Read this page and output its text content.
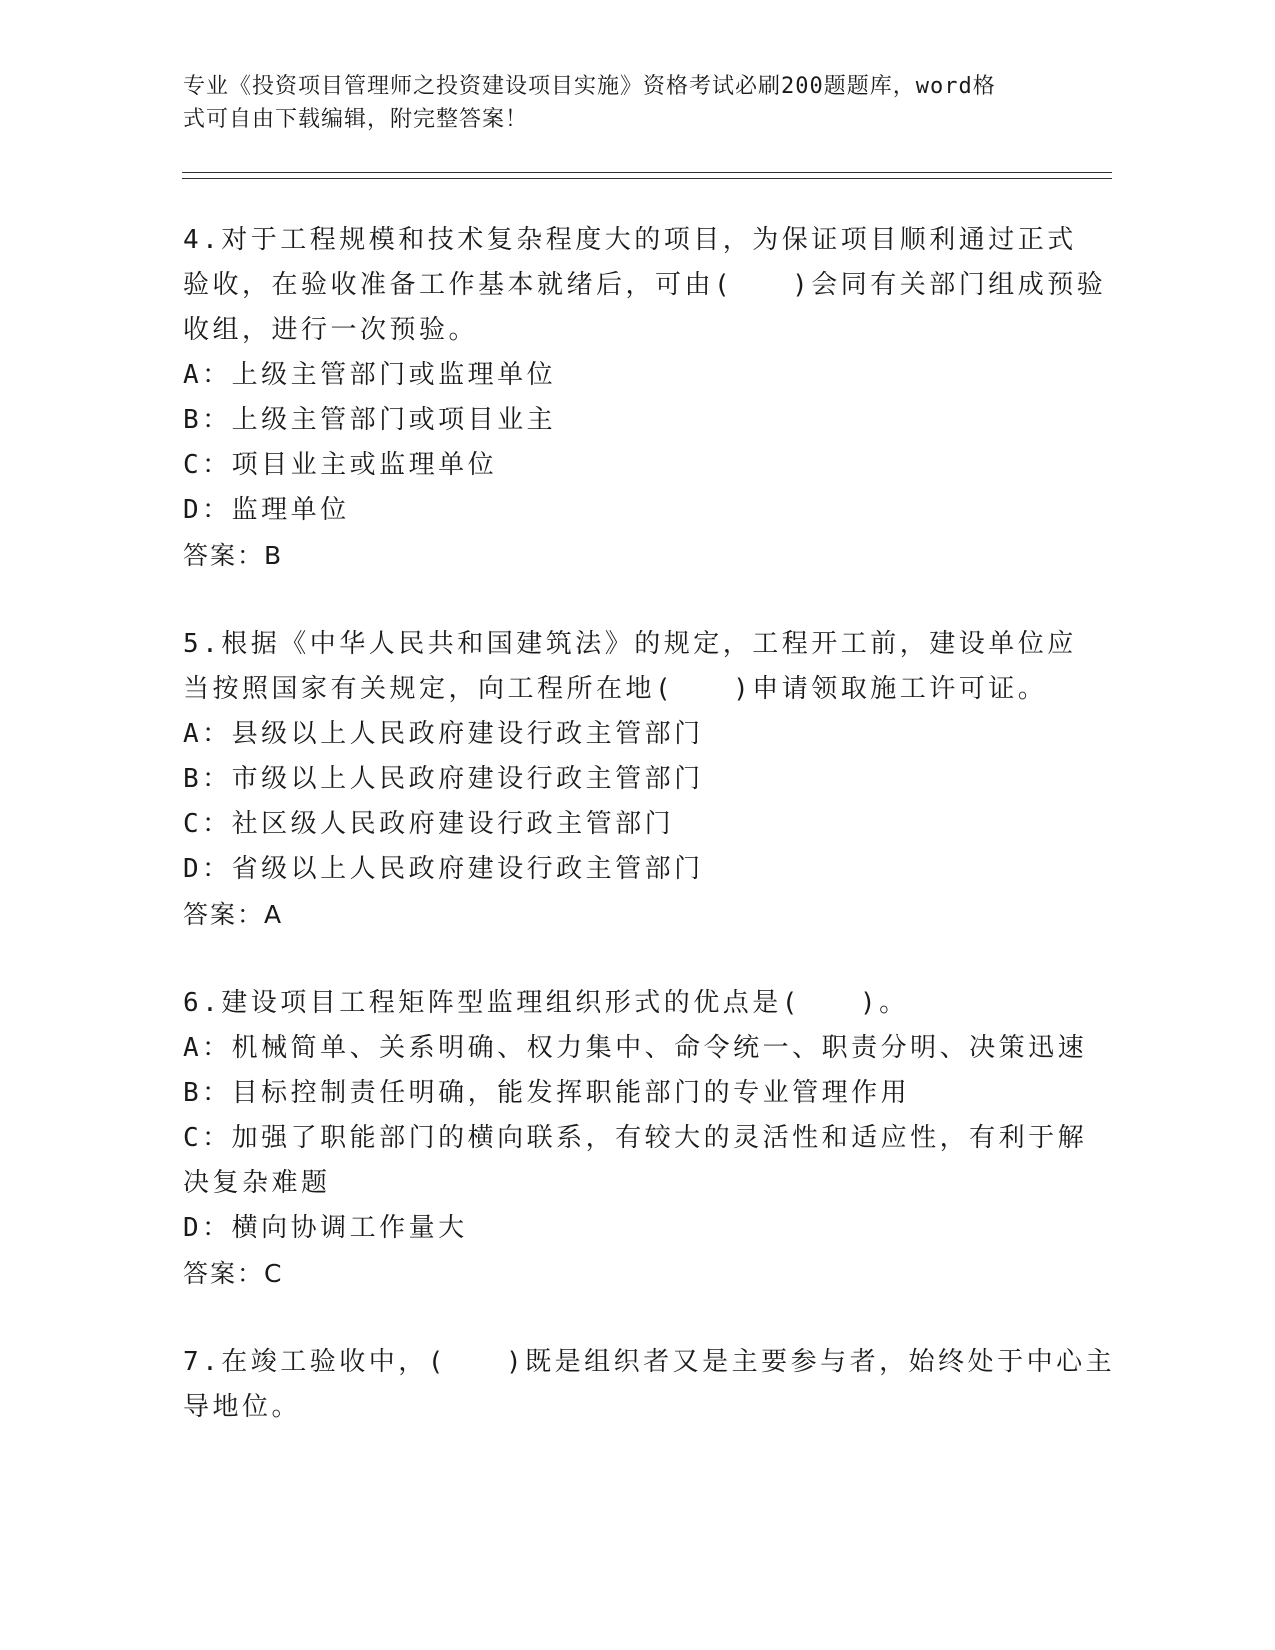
专业《投资项目管理师之投资建设项目实施》资格考试必刷200题题库，word格
式可自由下载编辑，附完整答案！
4.对于工程规模和技术复杂程度大的项目，为保证项目顺利通过正式
验收，在验收准备工作基本就绪后，可由(　　)会同有关部门组成预验
收组，进行一次预验。
A：上级主管部门或监理单位
B：上级主管部门或项目业主
C：项目业主或监理单位
D：监理单位
答案：B
5.根据《中华人民共和国建筑法》的规定，工程开工前，建设单位应
当按照国家有关规定，向工程所在地(　　)申请领取施工许可证。
A：县级以上人民政府建设行政主管部门
B：市级以上人民政府建设行政主管部门
C：社区级人民政府建设行政主管部门
D：省级以上人民政府建设行政主管部门
答案：A
6.建设项目工程矩阵型监理组织形式的优点是(　　)。
A：机械简单、关系明确、权力集中、命令统一、职责分明、决策迅速
B：目标控制责任明确，能发挥职能部门的专业管理作用
C：加强了职能部门的横向联系，有较大的灵活性和适应性，有利于解
决复杂难题
D：横向协调工作量大
答案：C
7.在竣工验收中，(　　)既是组织者又是主要参与者，始终处于中心主
导地位。
